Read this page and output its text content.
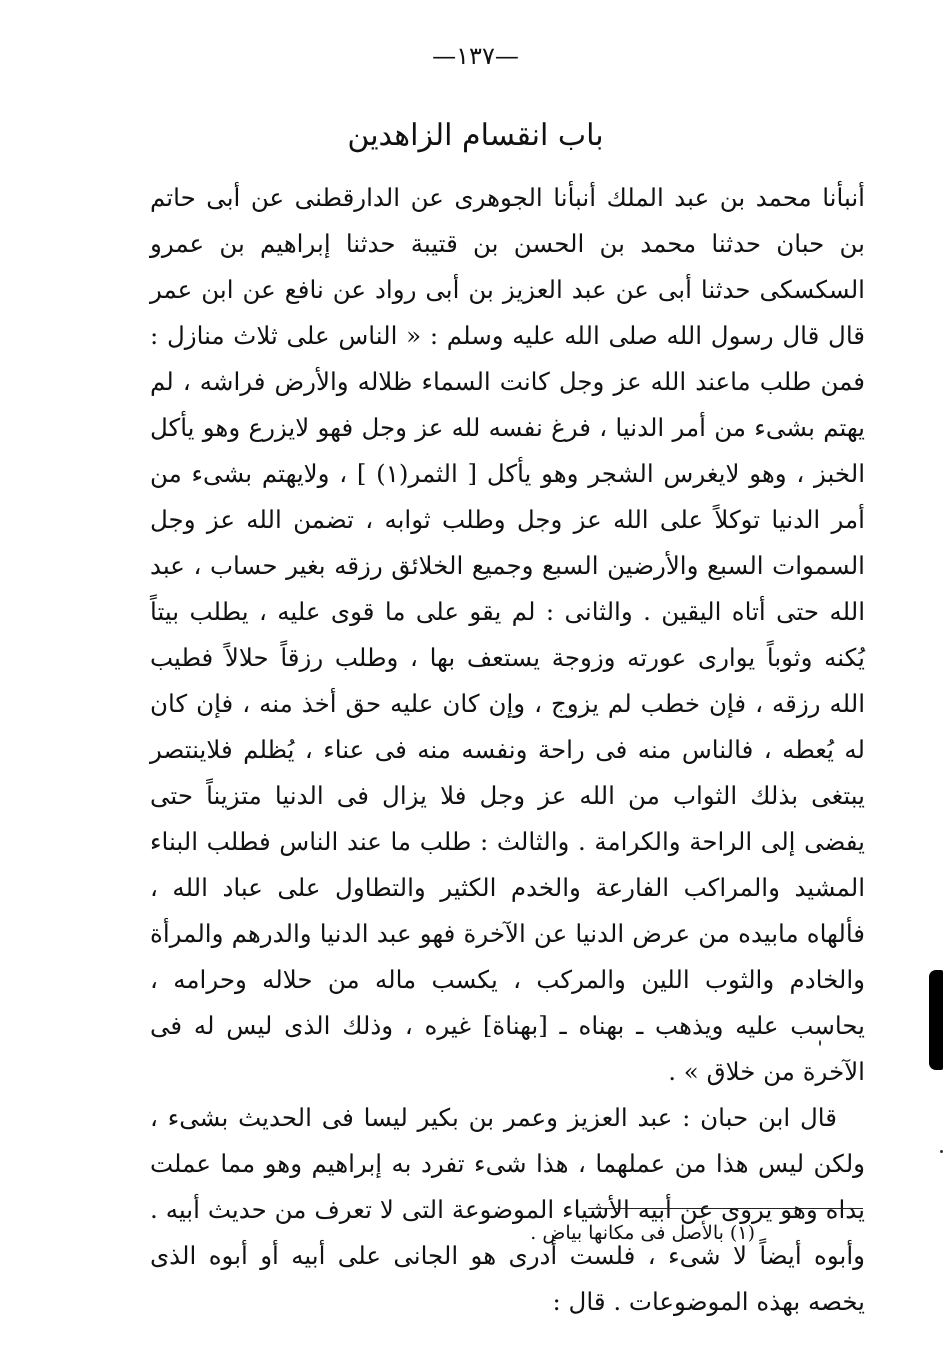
—١٣٧—
باب انقسام الزاهدين

أنبأنا محمد بن عبد الملك أنبأنا الجوهرى عن الدارقطنى عن أبى حاتم بن حبان حدثنا محمد بن الحسن بن قتيبة حدثنا إبراهيم بن عمرو السكسكى حدثنا أبى عن عبد العزيز بن أبى رواد عن نافع عن ابن عمر قال قال رسول الله صلى الله عليه وسلم : « الناس على ثلاث منازل : فمن طلب ماعند الله عز وجل كانت السماء ظلاله والأرض فراشه ، لم يهتم بشىء من أمر الدنيا ، فرغ نفسه لله عز وجل فهو لايزرع وهو يأكل الخبز ، وهو لايغرس الشجر وهو يأكل [ الثمر(١) ] ، ولايهتم بشىء من أمر الدنيا توكلاً على الله عز وجل وطلب ثوابه ، تضمن الله عز وجل السموات السبع والأرضين السبع وجميع الخلائق رزقه بغير حساب ، عبد الله حتى أتاه اليقين . والثانى : لم يقو على ما قوى عليه ، يطلب بيتاً يُكنه وثوباً يوارى عورته وزوجة يستعف بها ، وطلب رزقاً حلالاً فطيب الله رزقه ، فإن خطب لم يزوج ، وإن كان عليه حق أخذ منه ، فإن كان له يُعطه ، فالناس منه فى راحة ونفسه منه فى عناء ، يُظلم فلاينتصر يبتغى بذلك الثواب من الله عز وجل فلا يزال فى الدنيا متزيناً حتى يفضى إلى الراحة والكرامة . والثالث : طلب ما عند الناس فطلب البناء المشيد والمراكب الفارعة والخدم الكثير والتطاول على عباد الله ، فألهاه مابيده من عرض الدنيا عن الآخرة فهو عبد الدنيا والدرهم والمرأة والخادم والثوب اللين والمركب ، يكسب ماله من حلاله وحرامه ، يحاسب عليه ويذهب ـ بهناه ـ [بهناة] غيره ، وذلك الذى ليس له فى الآخرة من خلاق » .

قال ابن حبان : عبد العزيز وعمر بن بكير ليسا فى الحديث بشىء ، ولكن ليس هذا من عملهما ، هذا شىء تفرد به إبراهيم وهو مما عملت يداه وهو يروى عن أبيه الأشياء الموضوعة التى لا تعرف من حديث أبيه . وأبوه أيضاً لا شىء ، فلست أدرى هو الجانى على أبيه أو أبوه الذى يخصه بهذه الموضوعات . قال :

(١) بالأصل فى مكانها بياض .
